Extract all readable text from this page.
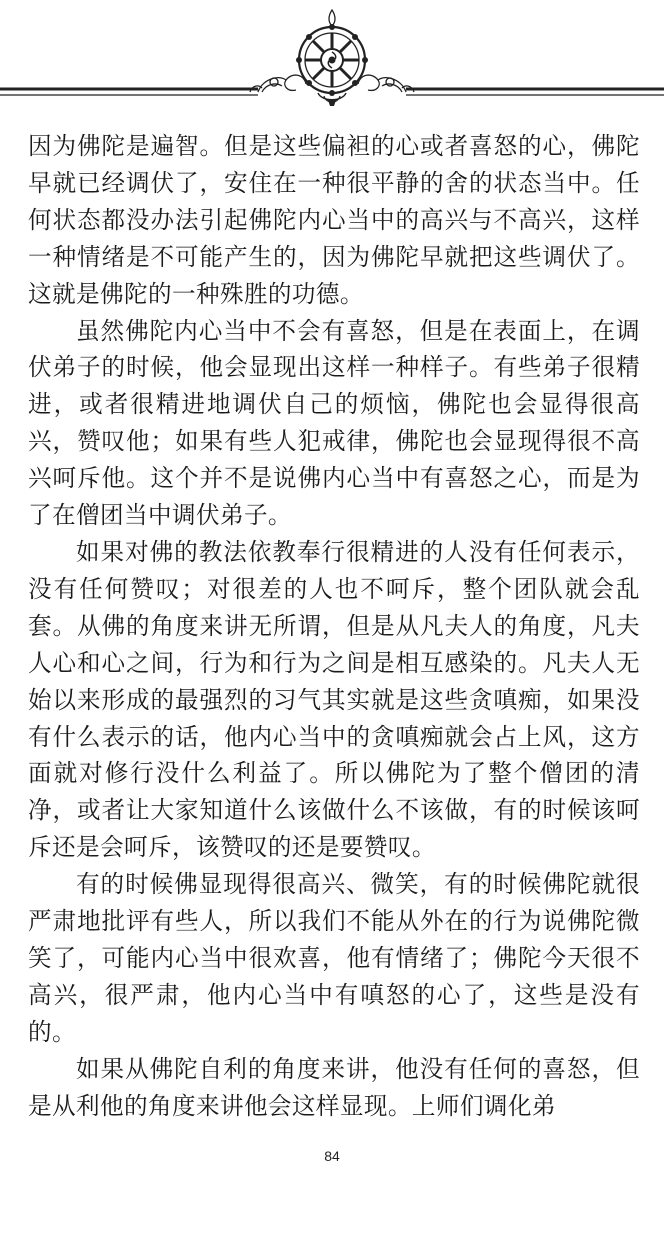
因为佛陀是遍智。但是这些偏袒的心或者喜怒的心，佛陀早就已经调伏了，安住在一种很平静的舍的状态当中。任何状态都没办法引起佛陀内心当中的高兴与不高兴，这样一种情绪是不可能产生的，因为佛陀早就把这些调伏了。这就是佛陀的一种殊胜的功德。

虽然佛陀内心当中不会有喜怒，但是在表面上，在调伏弟子的时候，他会显现出这样一种样子。有些弟子很精进，或者很精进地调伏自己的烦恼，佛陀也会显得很高兴，赞叹他；如果有些人犯戒律，佛陀也会显现得很不高兴呵斥他。这个并不是说佛内心当中有喜怒之心，而是为了在僧团当中调伏弟子。

如果对佛的教法依教奉行很精进的人没有任何表示，没有任何赞叹；对很差的人也不呵斥，整个团队就会乱套。从佛的角度来讲无所谓，但是从凡夫人的角度，凡夫人心和心之间，行为和行为之间是相互感染的。凡夫人无始以来形成的最强烈的习气其实就是这些贪嗔痴，如果没有什么表示的话，他内心当中的贪嗔痴就会占上风，这方面就对修行没什么利益了。所以佛陀为了整个僧团的清净，或者让大家知道什么该做什么不该做，有的时候该呵斥还是会呵斥，该赞叹的还是要赞叹。

有的时候佛显现得很高兴、微笑，有的时候佛陀就很严肃地批评有些人，所以我们不能从外在的行为说佛陀微笑了，可能内心当中很欢喜，他有情绪了；佛陀今天很不高兴，很严肃，他内心当中有嗔怒的心了，这些是没有的。

如果从佛陀自利的角度来讲，他没有任何的喜怒，但是从利他的角度来讲他会这样显现。上师们调化弟

84
